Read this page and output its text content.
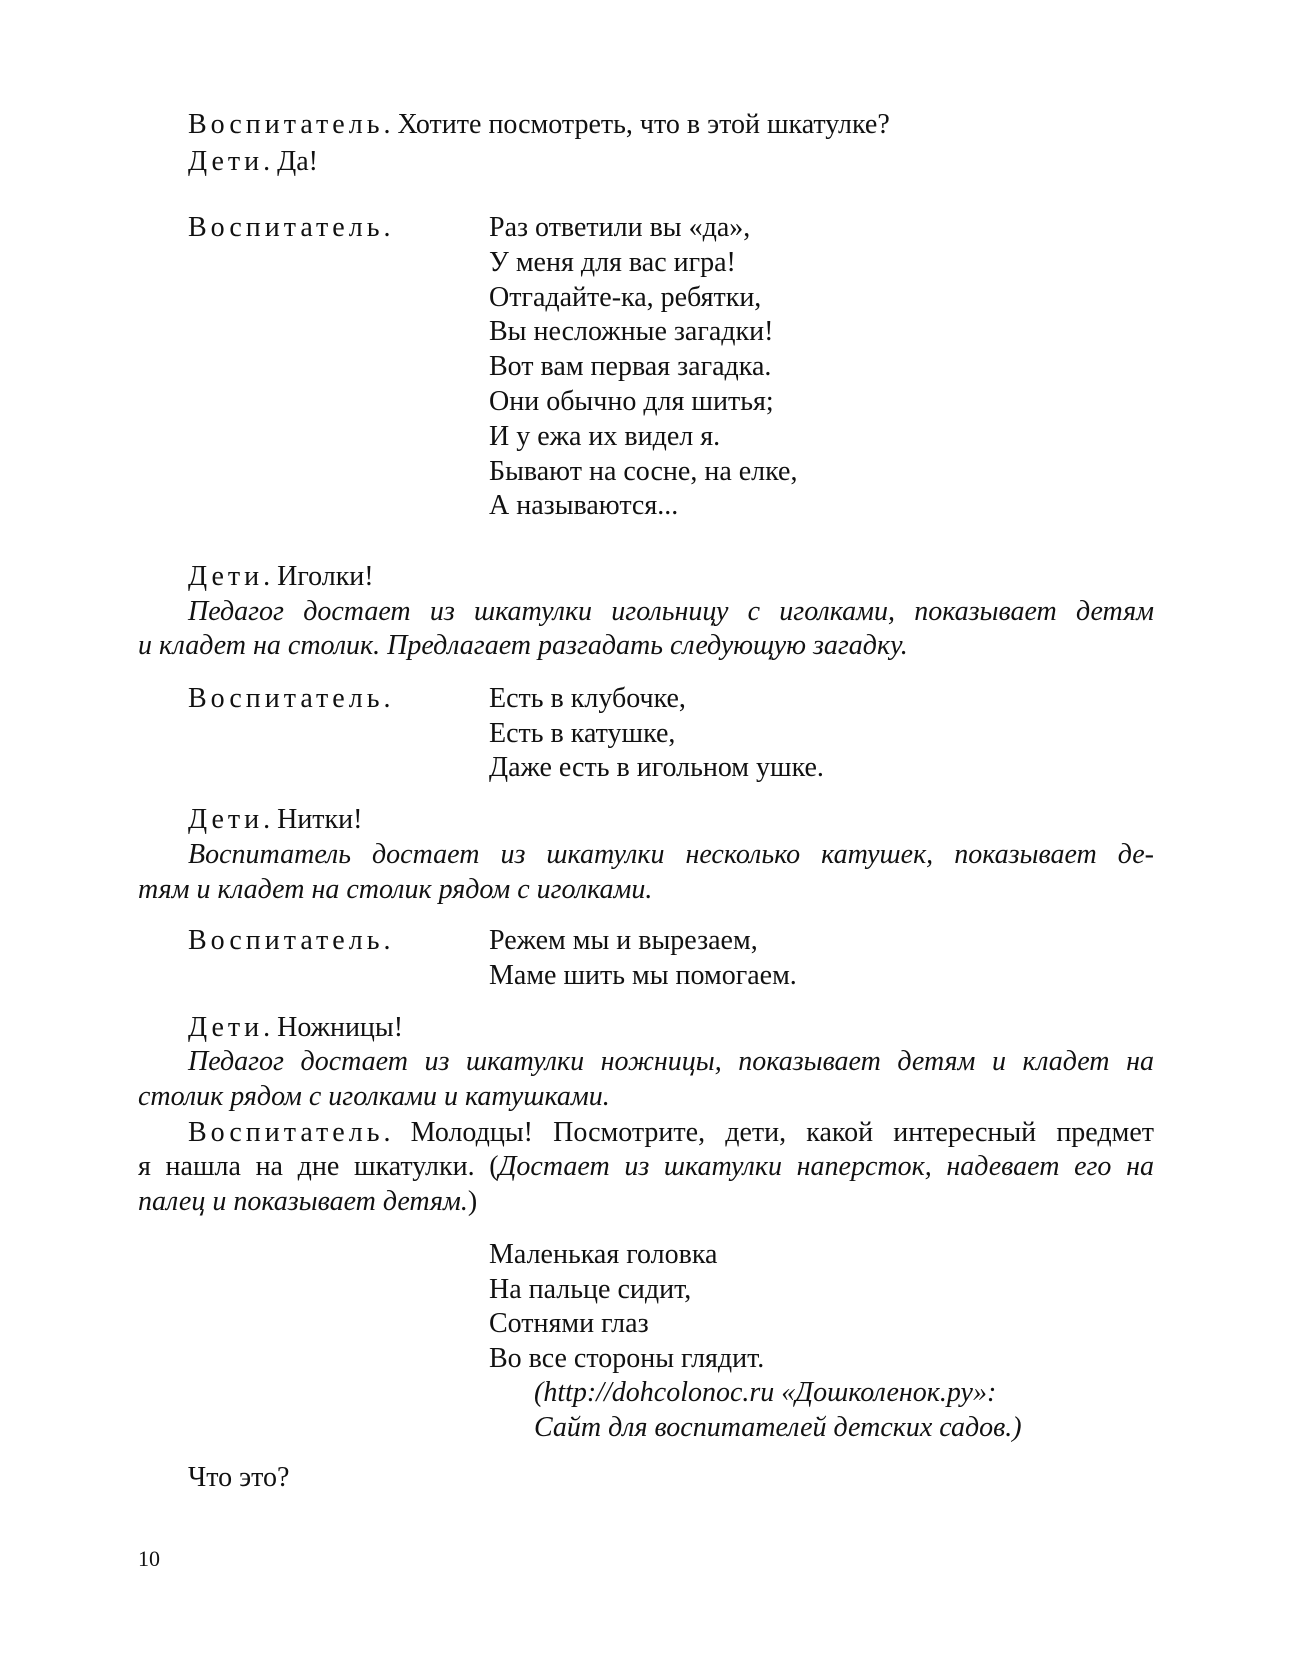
Воспитатель. Хотите посмотреть, что в этой шкатулке?
Дети. Да!
Воспитатель.	Раз ответили вы «да»,
У меня для вас игра!
Отгадайте-ка, ребятки,
Вы несложные загадки!
Вот вам первая загадка.
Они обычно для шитья;
И у ежа их видел я.
Бывают на сосне, на елке,
А называются...
Дети. Иголки!
Педагог достает из шкатулки игольницу с иголками, показывает детям
и кладет на столик. Предлагает разгадать следующую загадку.
Воспитатель.	Есть в клубочке,
Есть в катушке,
Даже есть в игольном ушке.
Дети. Нитки!
Воспитатель достает из шкатулки несколько катушек, показывает де-
тям и кладет на столик рядом с иголками.
Воспитатель.	Режем мы и вырезаем,
Маме шить мы помогаем.
Дети. Ножницы!
Педагог достает из шкатулки ножницы, показывает детям и кладет на
столик рядом с иголками и катушками.
Воспитатель. Молодцы! Посмотрите, дети, какой интересный предмет
я нашла на дне шкатулки. (Достает из шкатулки наперсток, надевает его на
палец и показывает детям.)
Маленькая головка
На пальце сидит,
Сотнями глаз
Во все стороны глядит.
(http://dohcolonoc.ru «Дошколенок.ру»:
Сайт для воспитателей детских садов.)
Что это?
10
